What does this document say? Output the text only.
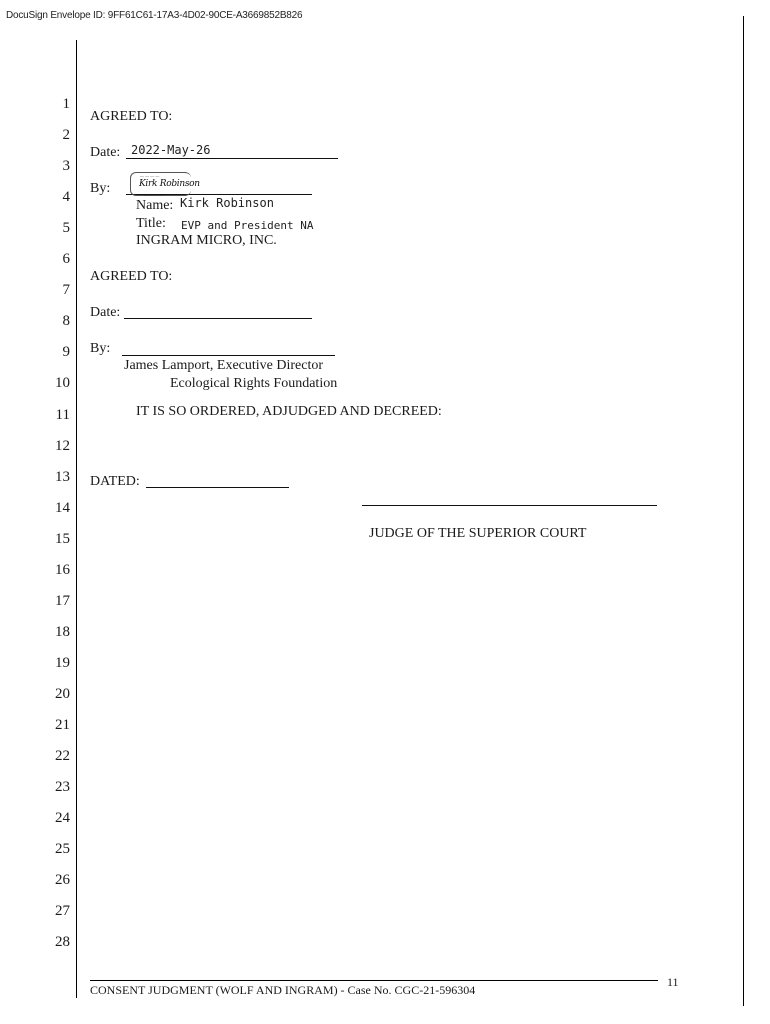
DocuSign Envelope ID: 9FF61C61-17A3-4D02-90CE-A3669852B826
1
2
3
4
5
6
7
8
9
10
11
12
13
14
15
16
17
18
19
20
21
22
23
24
25
26
27
28
AGREED TO:
Date: 2022-May-26
By:
— — — —
Kirk Robinson
— — — —
Name: Kirk Robinson
Title: EVP and President NA
INGRAM MICRO, INC.
AGREED TO:
Date:
By:
James Lamport, Executive Director
Ecological Rights Foundation
IT IS SO ORDERED, ADJUDGED AND DECREED:
DATED:
JUDGE OF THE SUPERIOR COURT
CONSENT JUDGMENT (WOLF AND INGRAM) - Case No. CGC-21-596304
11
